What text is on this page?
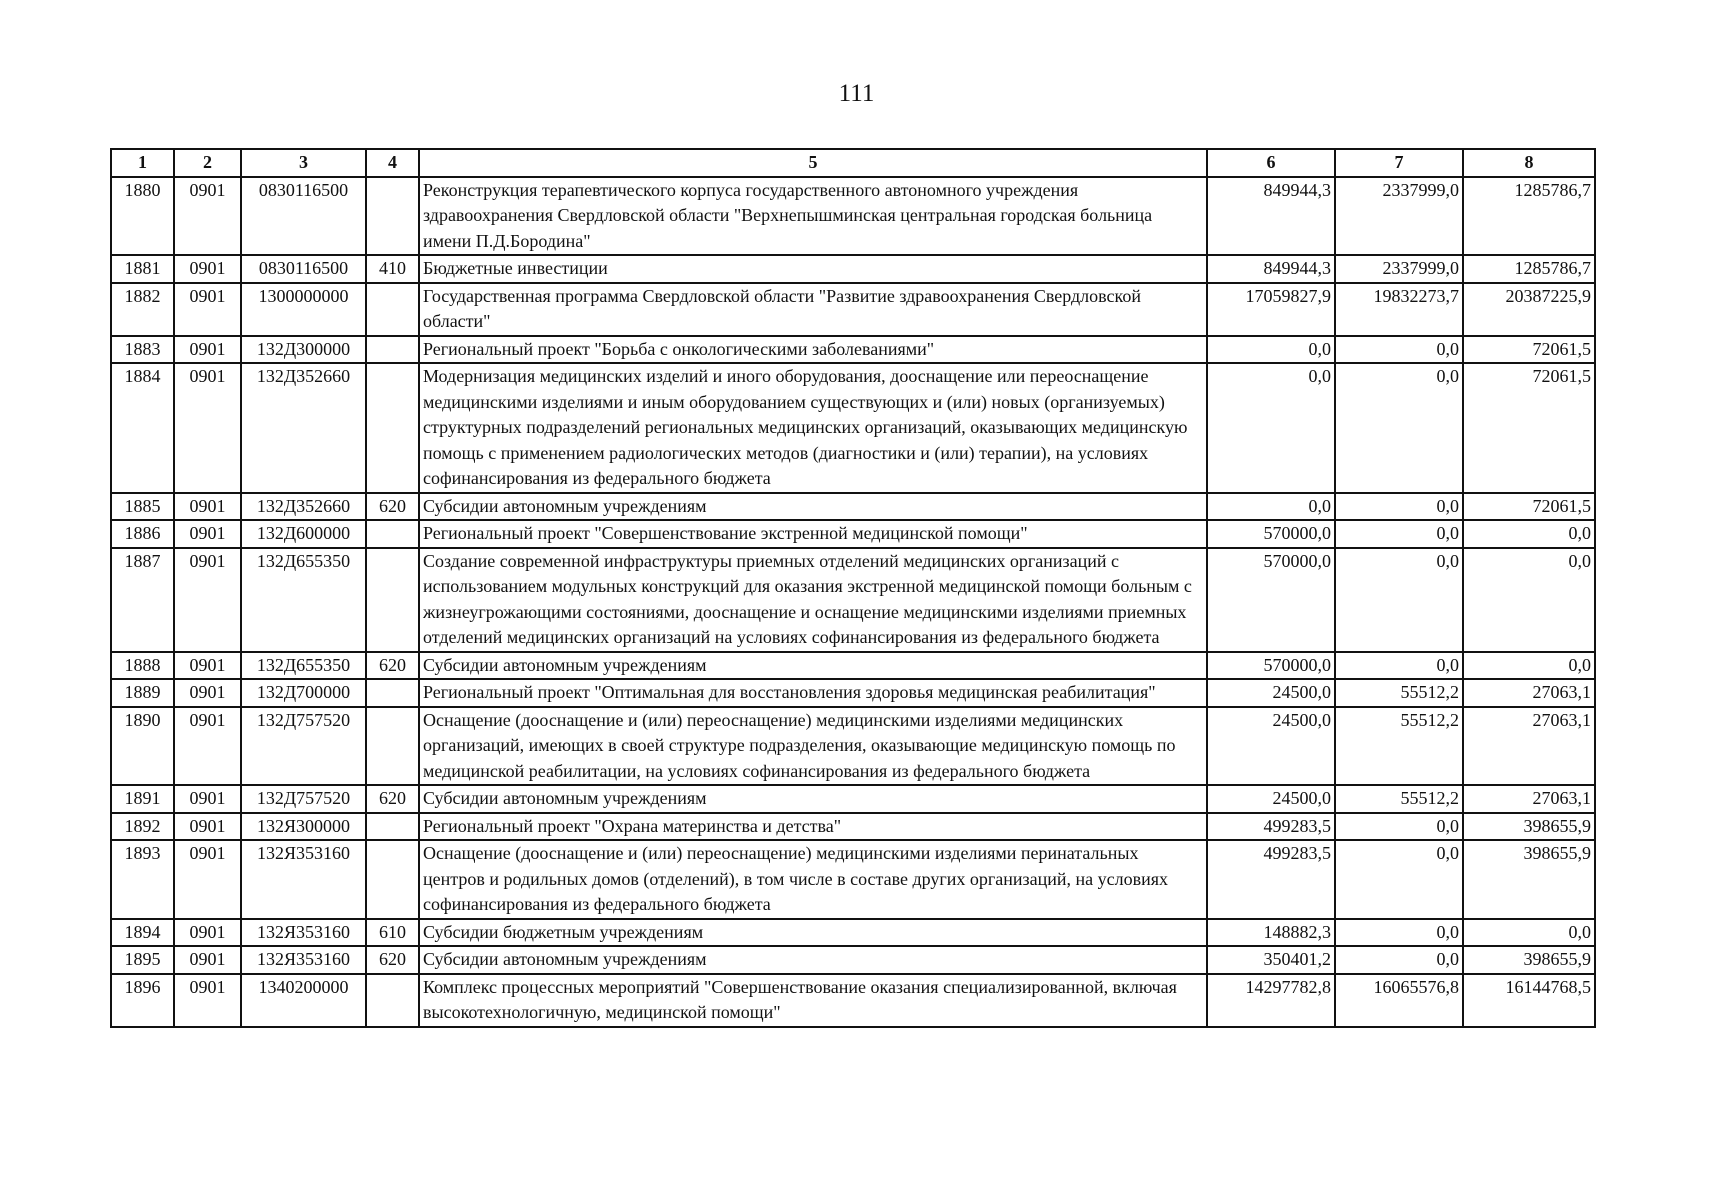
111
1	2	3	4	5	6	7	8
1880	0901	0830116500		Реконструкция терапевтического корпуса государственного автономного учреждения здравоохранения Свердловской области "Верхнепышминская центральная городская больница имени П.Д.Бородина"	849944,3	2337999,0	1285786,7
1881	0901	0830116500	410	Бюджетные инвестиции	849944,3	2337999,0	1285786,7
1882	0901	1300000000		Государственная программа Свердловской области "Развитие здравоохранения Свердловской области"	17059827,9	19832273,7	20387225,9
1883	0901	132Д300000		Региональный проект "Борьба с онкологическими заболеваниями"	0,0	0,0	72061,5
1884	0901	132Д352660		Модернизация медицинских изделий и иного оборудования, дооснащение или переоснащение медицинскими изделиями и иным оборудованием существующих и (или) новых (организуемых) структурных подразделений региональных медицинских организаций, оказывающих медицинскую помощь с применением радиологических методов (диагностики и (или) терапии), на условиях софинансирования из федерального бюджета	0,0	0,0	72061,5
1885	0901	132Д352660	620	Субсидии автономным учреждениям	0,0	0,0	72061,5
1886	0901	132Д600000		Региональный проект "Совершенствование экстренной медицинской помощи"	570000,0	0,0	0,0
1887	0901	132Д655350		Создание современной инфраструктуры приемных отделений медицинских организаций с использованием модульных конструкций для оказания экстренной медицинской помощи больным с жизнеугрожающими состояниями, дооснащение и оснащение медицинскими изделиями приемных отделений медицинских организаций на условиях софинансирования из федерального бюджета	570000,0	0,0	0,0
1888	0901	132Д655350	620	Субсидии автономным учреждениям	570000,0	0,0	0,0
1889	0901	132Д700000		Региональный проект "Оптимальная для восстановления здоровья медицинская реабилитация"	24500,0	55512,2	27063,1
1890	0901	132Д757520		Оснащение (дооснащение и (или) переоснащение) медицинскими изделиями медицинских организаций, имеющих в своей структуре подразделения, оказывающие медицинскую помощь по медицинской реабилитации, на условиях софинансирования из федерального бюджета	24500,0	55512,2	27063,1
1891	0901	132Д757520	620	Субсидии автономным учреждениям	24500,0	55512,2	27063,1
1892	0901	132Я300000		Региональный проект "Охрана материнства и детства"	499283,5	0,0	398655,9
1893	0901	132Я353160		Оснащение (дооснащение и (или) переоснащение) медицинскими изделиями перинатальных центров и родильных домов (отделений), в том числе в составе других организаций, на условиях софинансирования из федерального бюджета	499283,5	0,0	398655,9
1894	0901	132Я353160	610	Субсидии бюджетным учреждениям	148882,3	0,0	0,0
1895	0901	132Я353160	620	Субсидии автономным учреждениям	350401,2	0,0	398655,9
1896	0901	1340200000		Комплекс процессных мероприятий "Совершенствование оказания специализированной, включая высокотехнологичную, медицинской помощи"	14297782,8	16065576,8	16144768,5
